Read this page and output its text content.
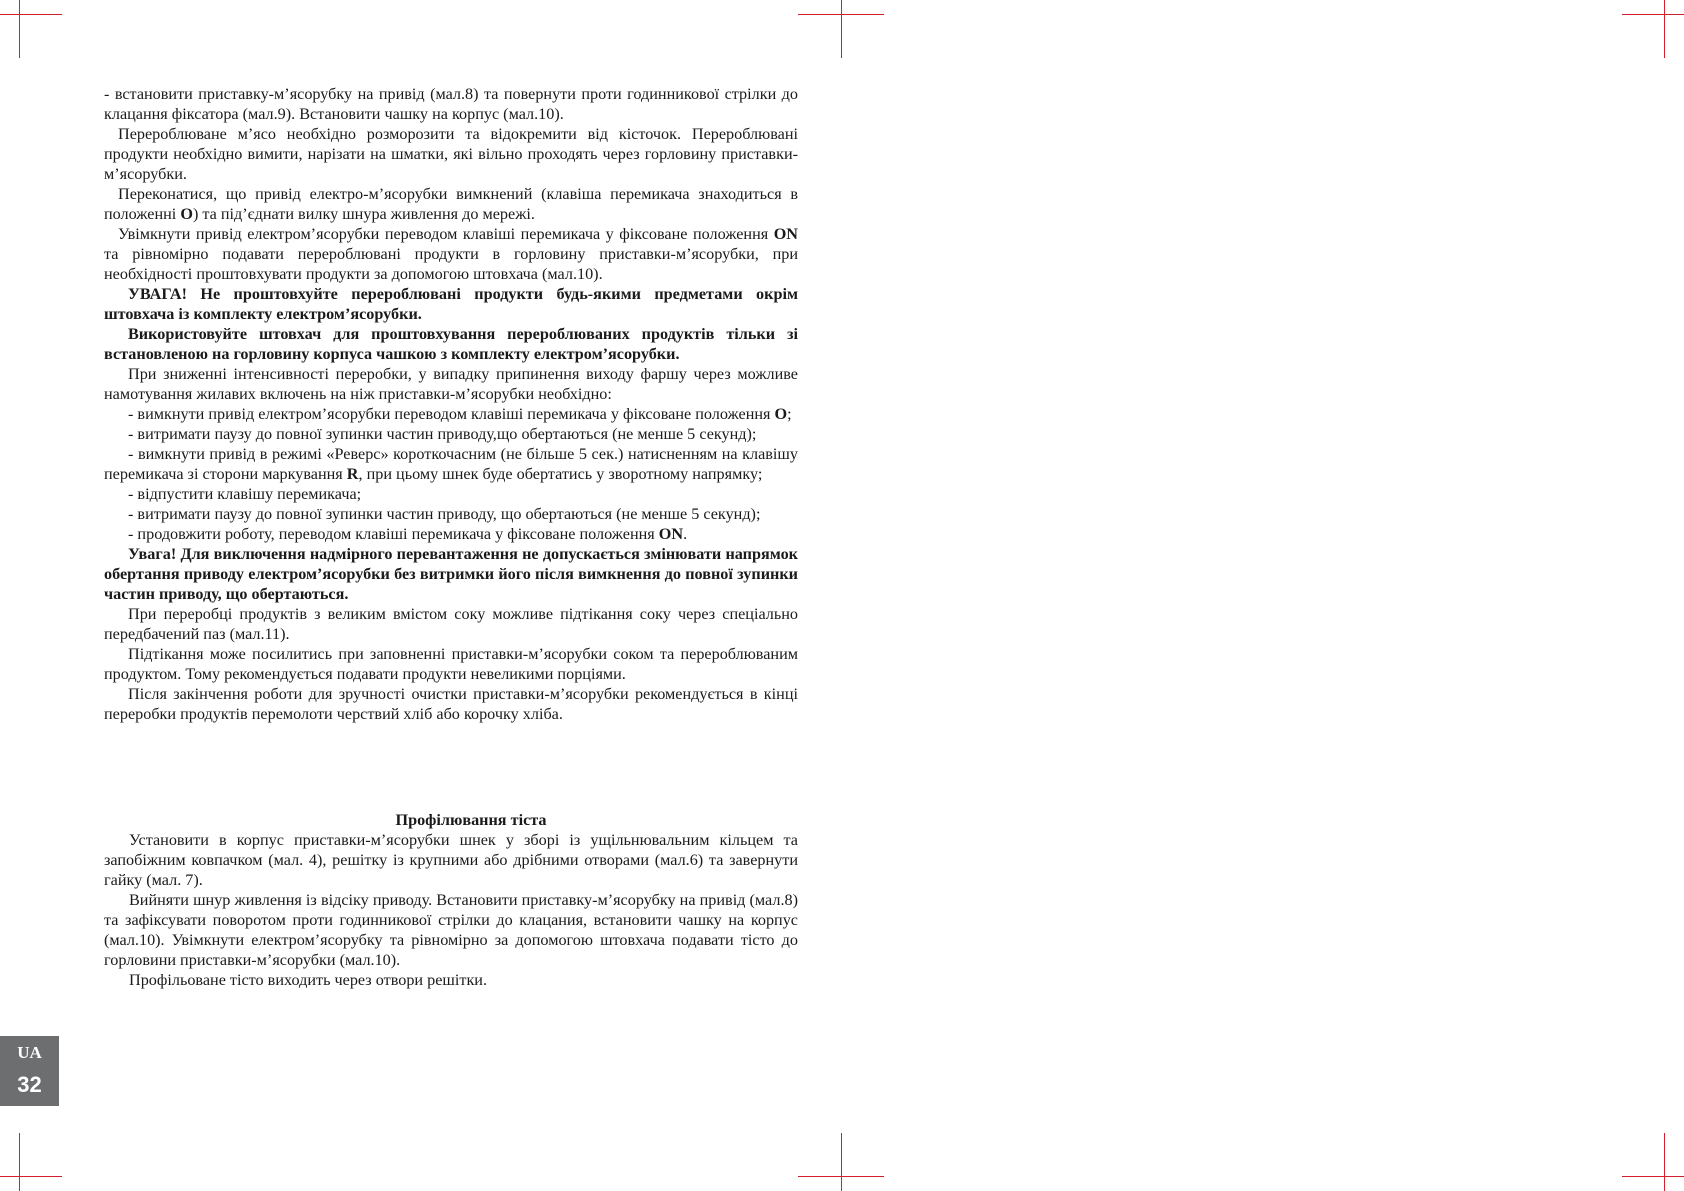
- встановити приставку-м’ясорубку на привід (мал.8) та повернути проти годинникової стрілки до клацання фіксатора (мал.9). Встановити чашку на корпус (мал.10).

Перероблюване м’ясо необхідно розморозити та відокремити від кісточок. Перероблювані продукти необхідно вимити, нарізати на шматки, які вільно проходять через горловину приставки-м’ясорубки.

Переконатися, що привід електро-м’ясорубки вимкнений (клавіша перемикача знаходиться в положенні O) та під’єднати вилку шнура живлення до мережі.

Увімкнути привід електром’ясорубки переводом клавіші перемикача у фіксоване положення ON та рівномірно подавати перероблювані продукти в горловину приставки-м’ясорубки, при необхідності проштовхувати продукти за допомогою штовхача (мал.10).

УВАГА! Не проштовхуйте перероблювані продукти будь-якими предметами окрім штовхача із комплекту електром’ясорубки.

Використовуйте штовхач для проштовхування перероблюваних продуктів тільки зі встановленою на горловину корпуса чашкою з комплекту електром’ясорубки.

При зниженні інтенсивності переробки, у випадку припинення виходу фаршу через можливе намотування жилавих включень на ніж приставки-м’ясорубки необхідно:

- вимкнути привід електром’ясорубки переводом клавіші перемикача у фіксоване положення O;

- витримати паузу до повної зупинки частин приводу,що обертаються (не менше 5 секунд);

- вимкнути привід в режимі «Реверс» короткочасним (не більше 5 сек.) натисненням на клавішу перемикача зі сторони маркування R, при цьому шнек буде обертатись у зворотному напрямку;

- відпустити клавішу перемикача;

- витримати паузу до повної зупинки частин приводу, що обертаються (не менше 5 секунд);

- продовжити роботу, переводом клавіші перемикача у фіксоване положення ON.

Увага! Для виключення надмірного перевантаження не допускається змінювати напрямок обертання приводу електром’ясорубки без витримки його після вимкнення до повної зупинки частин приводу, що обертаються.

При переробці продуктів з великим вмістом соку можливе підтікання соку через спеціально передбачений паз (мал.11).

Підтікання може посилитись при заповненні приставки-м’ясорубки соком та перероблюваним продуктом. Тому рекомендується подавати продукти невеликими порціями.

Після закінчення роботи для зручності очистки приставки-м’ясорубки рекомендується в кінці переробки продуктів перемолоти черствий хліб або корочку хліба.

Профілювання тіста

Установити в корпус приставки-м’ясорубки шнек у зборі із ущільнювальним кільцем та запобіжним ковпачком (мал. 4), решітку із крупними або дрібними отворами (мал.6) та завернути гайку (мал. 7).

Вийняти шнур живлення із відсіку приводу. Встановити приставку-м’ясорубку на привід (мал.8) та зафіксувати поворотом проти годинникової стрілки до клацания, встановити чашку на корпус (мал.10). Увімкнути електром’ясорубку та рівномірно за допомогою штовхача подавати тісто до горловини приставки-м’ясорубки (мал.10).

Профільоване тісто виходить через отвори решітки.

UA
32
